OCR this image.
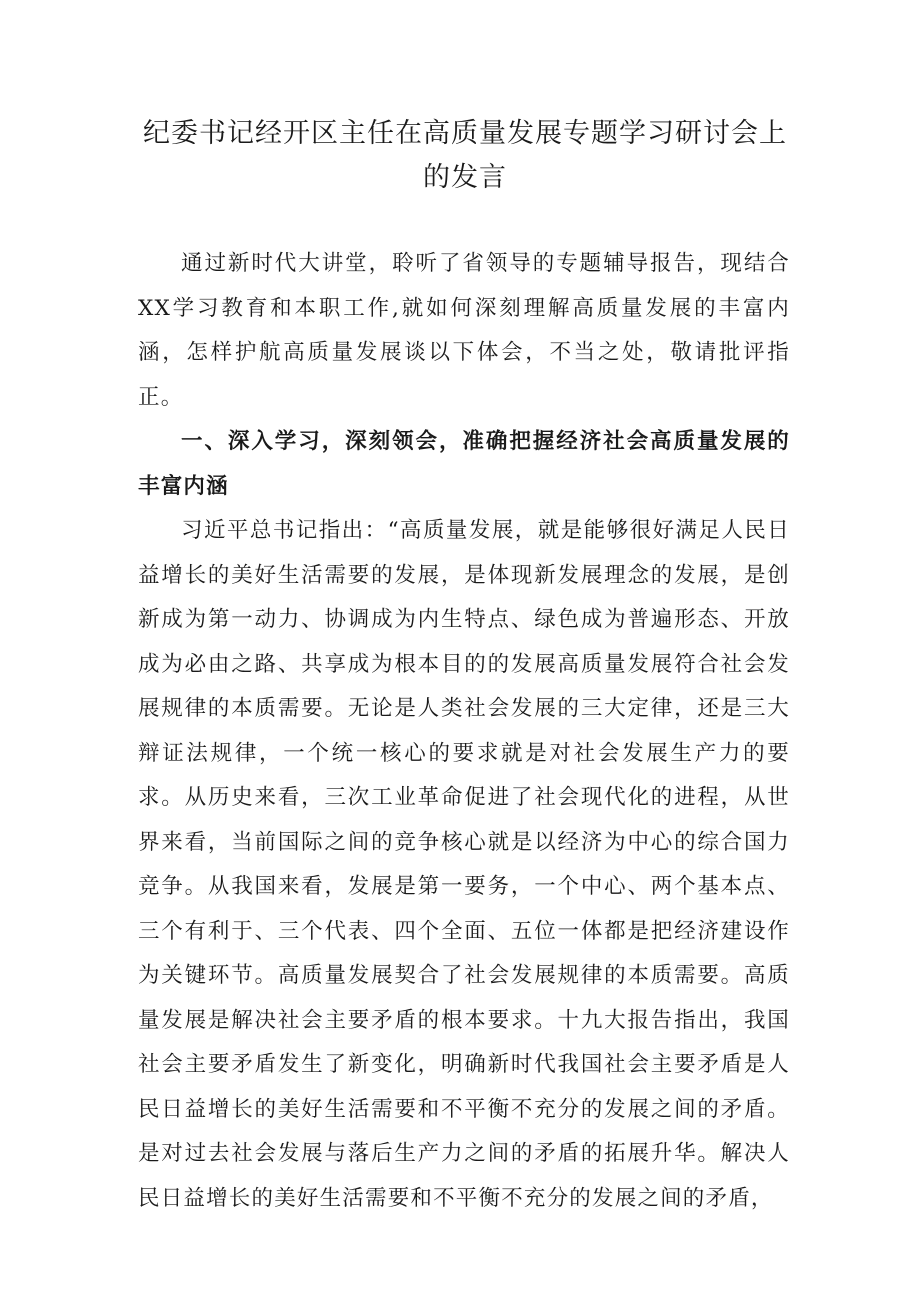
纪委书记经开区主任在高质量发展专题学习研讨会上
的发言

通过新时代大讲堂，聆听了省领导的专题辅导报告，现结合XX学习教育和本职工作,就如何深刻理解高质量发展的丰富内涵，怎样护航高质量发展谈以下体会，不当之处，敬请批评指正。

一、深入学习，深刻领会，准确把握经济社会高质量发展的丰富内涵

习近平总书记指出：“高质量发展，就是能够很好满足人民日益增长的美好生活需要的发展，是体现新发展理念的发展，是创新成为第一动力、协调成为内生特点、绿色成为普遍形态、开放成为必由之路、共享成为根本目的的发展高质量发展符合社会发展规律的本质需要。无论是人类社会发展的三大定律，还是三大辩证法规律，一个统一核心的要求就是对社会发展生产力的要求。从历史来看，三次工业革命促进了社会现代化的进程，从世界来看，当前国际之间的竞争核心就是以经济为中心的综合国力竞争。从我国来看，发展是第一要务，一个中心、两个基本点、三个有利于、三个代表、四个全面、五位一体都是把经济建设作为关键环节。高质量发展契合了社会发展规律的本质需要。高质量发展是解决社会主要矛盾的根本要求。十九大报告指出，我国社会主要矛盾发生了新变化，明确新时代我国社会主要矛盾是人民日益增长的美好生活需要和不平衡不充分的发展之间的矛盾。是对过去社会发展与落后生产力之间的矛盾的拓展升华。解决人民日益增长的美好生活需要和不平衡不充分的发展之间的矛盾，
